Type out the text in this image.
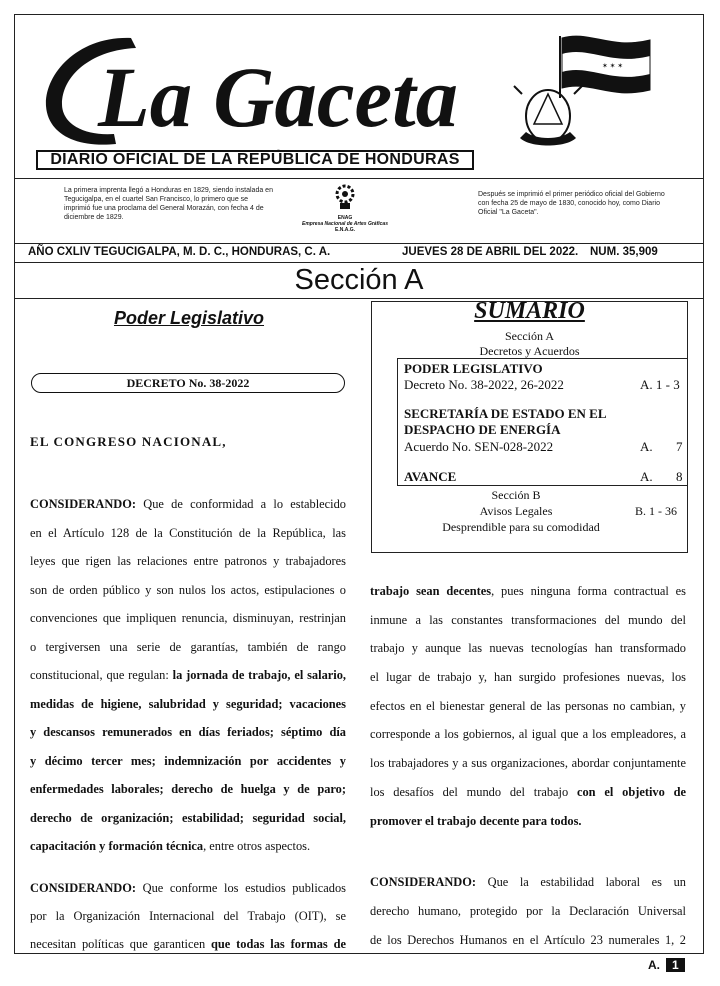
La Gaceta	✶ ✶ ✶
DIARIO OFICIAL DE LA REPÚBLICA DE HONDURAS
La primera imprenta llegó a Honduras en 1829, siendo instalada en Tegucigalpa, en el cuartel San Francisco, lo primero que se imprimió fue una proclama del General Morazán, con fecha 4 de diciembre de 1829.	ENAG
Empresa Nacional de Artes Gráficas
E.N.A.G.
Después se imprimió el primer periódico oficial del Gobierno con fecha 25 de mayo de 1830, conocido hoy, como Diario Oficial "La Gaceta".
AÑO CXLIV TEGUCIGALPA, M. D. C., HONDURAS, C. A.	JUEVES 28 DE ABRIL DEL 2022. NUM. 35,909
Sección A
Poder Legislativo
DECRETO No. 38-2022
EL CONGRESO NACIONAL,
CONSIDERANDO: Que de conformidad a lo establecido
en el Artículo 128 de la Constitución de la República, las
leyes que rigen las relaciones entre patronos y trabajadores
son de orden público y son nulos los actos, estipulaciones o
convenciones que impliquen renuncia, disminuyan, restrinjan
o tergiversen una serie de garantías, también de rango
constitucional, que regulan: la jornada de trabajo, el salario,
medidas de higiene, salubridad y seguridad; vacaciones
y descansos remunerados en días feriados; séptimo día
y décimo tercer mes; indemnización por accidentes y
enfermedades laborales; derecho de huelga y de paro;
derecho de organización; estabilidad; seguridad social,
capacitación y formación técnica, entre otros aspectos.
CONSIDERANDO: Que conforme los estudios publicados
por la Organización Internacional del Trabajo (OIT), se
necesitan políticas que garanticen que todas las formas de
SUMARIO
Sección A
Decretos y Acuerdos
PODER LEGISLATIVO
Decreto No. 38-2022, 26-2022	A. 1 - 3
SECRETARÍA DE ESTADO EN EL
DESPACHO DE ENERGÍA
Acuerdo No. SEN-028-2022	A. 7
AVANCE	A. 8
Sección B
Avisos Legales	B. 1 - 36
Desprendible para su comodidad
trabajo sean decentes, pues ninguna forma contractual es
inmune a las constantes transformaciones del mundo del
trabajo y aunque las nuevas tecnologías han transformado
el lugar de trabajo y, han surgido profesiones nuevas, los
efectos en el bienestar general de las personas no cambian, y
corresponde a los gobiernos, al igual que a los empleadores, a
los trabajadores y a sus organizaciones, abordar conjuntamente
los desafíos del mundo del trabajo con el objetivo de
promover el trabajo decente para todos.
CONSIDERANDO: Que la estabilidad laboral es un
derecho humano, protegido por la Declaración Universal
de los Derechos Humanos en el Artículo 23 numerales 1, 2
A. 1
